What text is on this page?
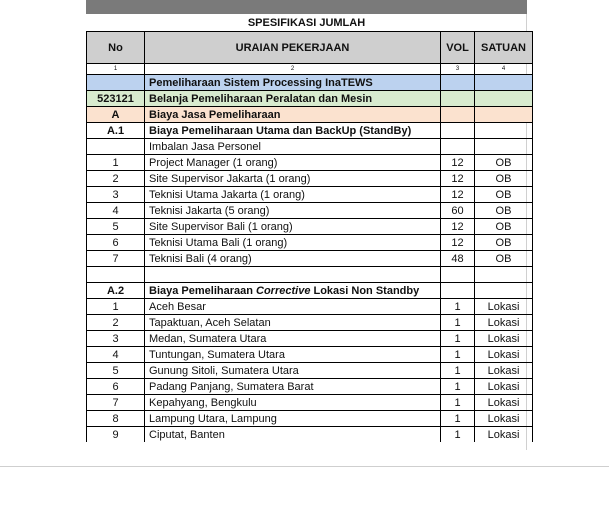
SPESIFIKASI JUMLAH
No	URAIAN PEKERJAAN	VOL	SATUAN
1	2	3	4
	Pemeliharaan Sistem Processing InaTEWS		
523121	Belanja Pemeliharaan Peralatan dan Mesin		
A	Biaya Jasa Pemeliharaan		
A.1	Biaya Pemeliharaan Utama dan BackUp (StandBy)		
	Imbalan Jasa Personel		
1	Project Manager (1 orang)	12	OB
2	Site Supervisor Jakarta (1 orang)	12	OB
3	Teknisi Utama Jakarta (1 orang)	12	OB
4	Teknisi Jakarta (5 orang)	60	OB
5	Site Supervisor Bali (1 orang)	12	OB
6	Teknisi Utama Bali (1 orang)	12	OB
7	Teknisi Bali (4 orang)	48	OB

A.2	Biaya Pemeliharaan Corrective Lokasi Non Standby		
1	Aceh Besar	1	Lokasi
2	Tapaktuan, Aceh Selatan	1	Lokasi
3	Medan, Sumatera Utara	1	Lokasi
4	Tuntungan, Sumatera Utara	1	Lokasi
5	Gunung Sitoli, Sumatera Utara	1	Lokasi
6	Padang Panjang, Sumatera Barat	1	Lokasi
7	Kepahyang, Bengkulu	1	Lokasi
8	Lampung Utara, Lampung	1	Lokasi
9	Ciputat, Banten	1	Lokasi
